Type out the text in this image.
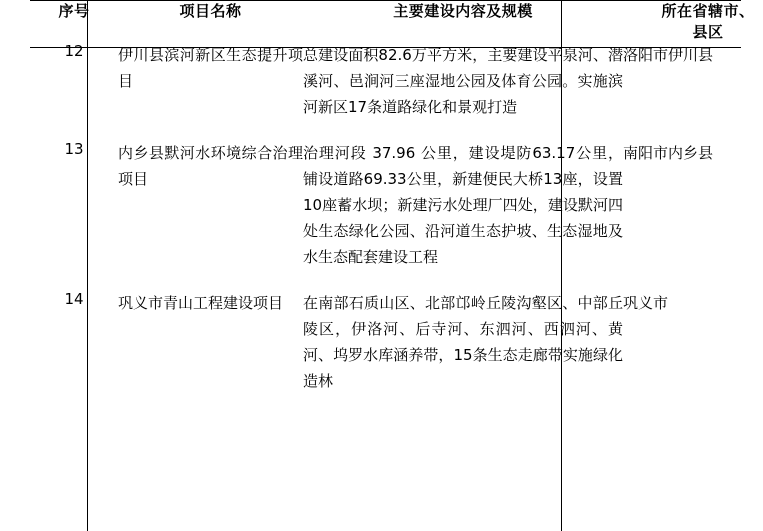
序号	项目名称	主要建设内容及规模	所在省辖市、
县区

12	伊川县滨河新区生态提升项目	总建设面积82.6万平方米，主要建设平泉河、潜溪河、邑涧河三座湿地公园及体育公园。实施滨河新区17条道路绿化和景观打造	洛阳市伊川县

13	内乡县默河水环境综合治理项目	治理河段 37.96 公里，建设堤防63.17公里，铺设道路69.33公里，新建便民大桥13座，设置10座蓄水坝；新建污水处理厂四处，建设默河四处生态绿化公园、沿河道生态护坡、生态湿地及水生态配套建设工程	南阳市内乡县

14	巩义市青山工程建设项目	在南部石质山区、北部邙岭丘陵沟壑区、中部丘陵区，伊洛河、后寺河、东泗河、西泗河、黄河、坞罗水库涵养带，15条生态走廊带实施绿化造林	巩义市
